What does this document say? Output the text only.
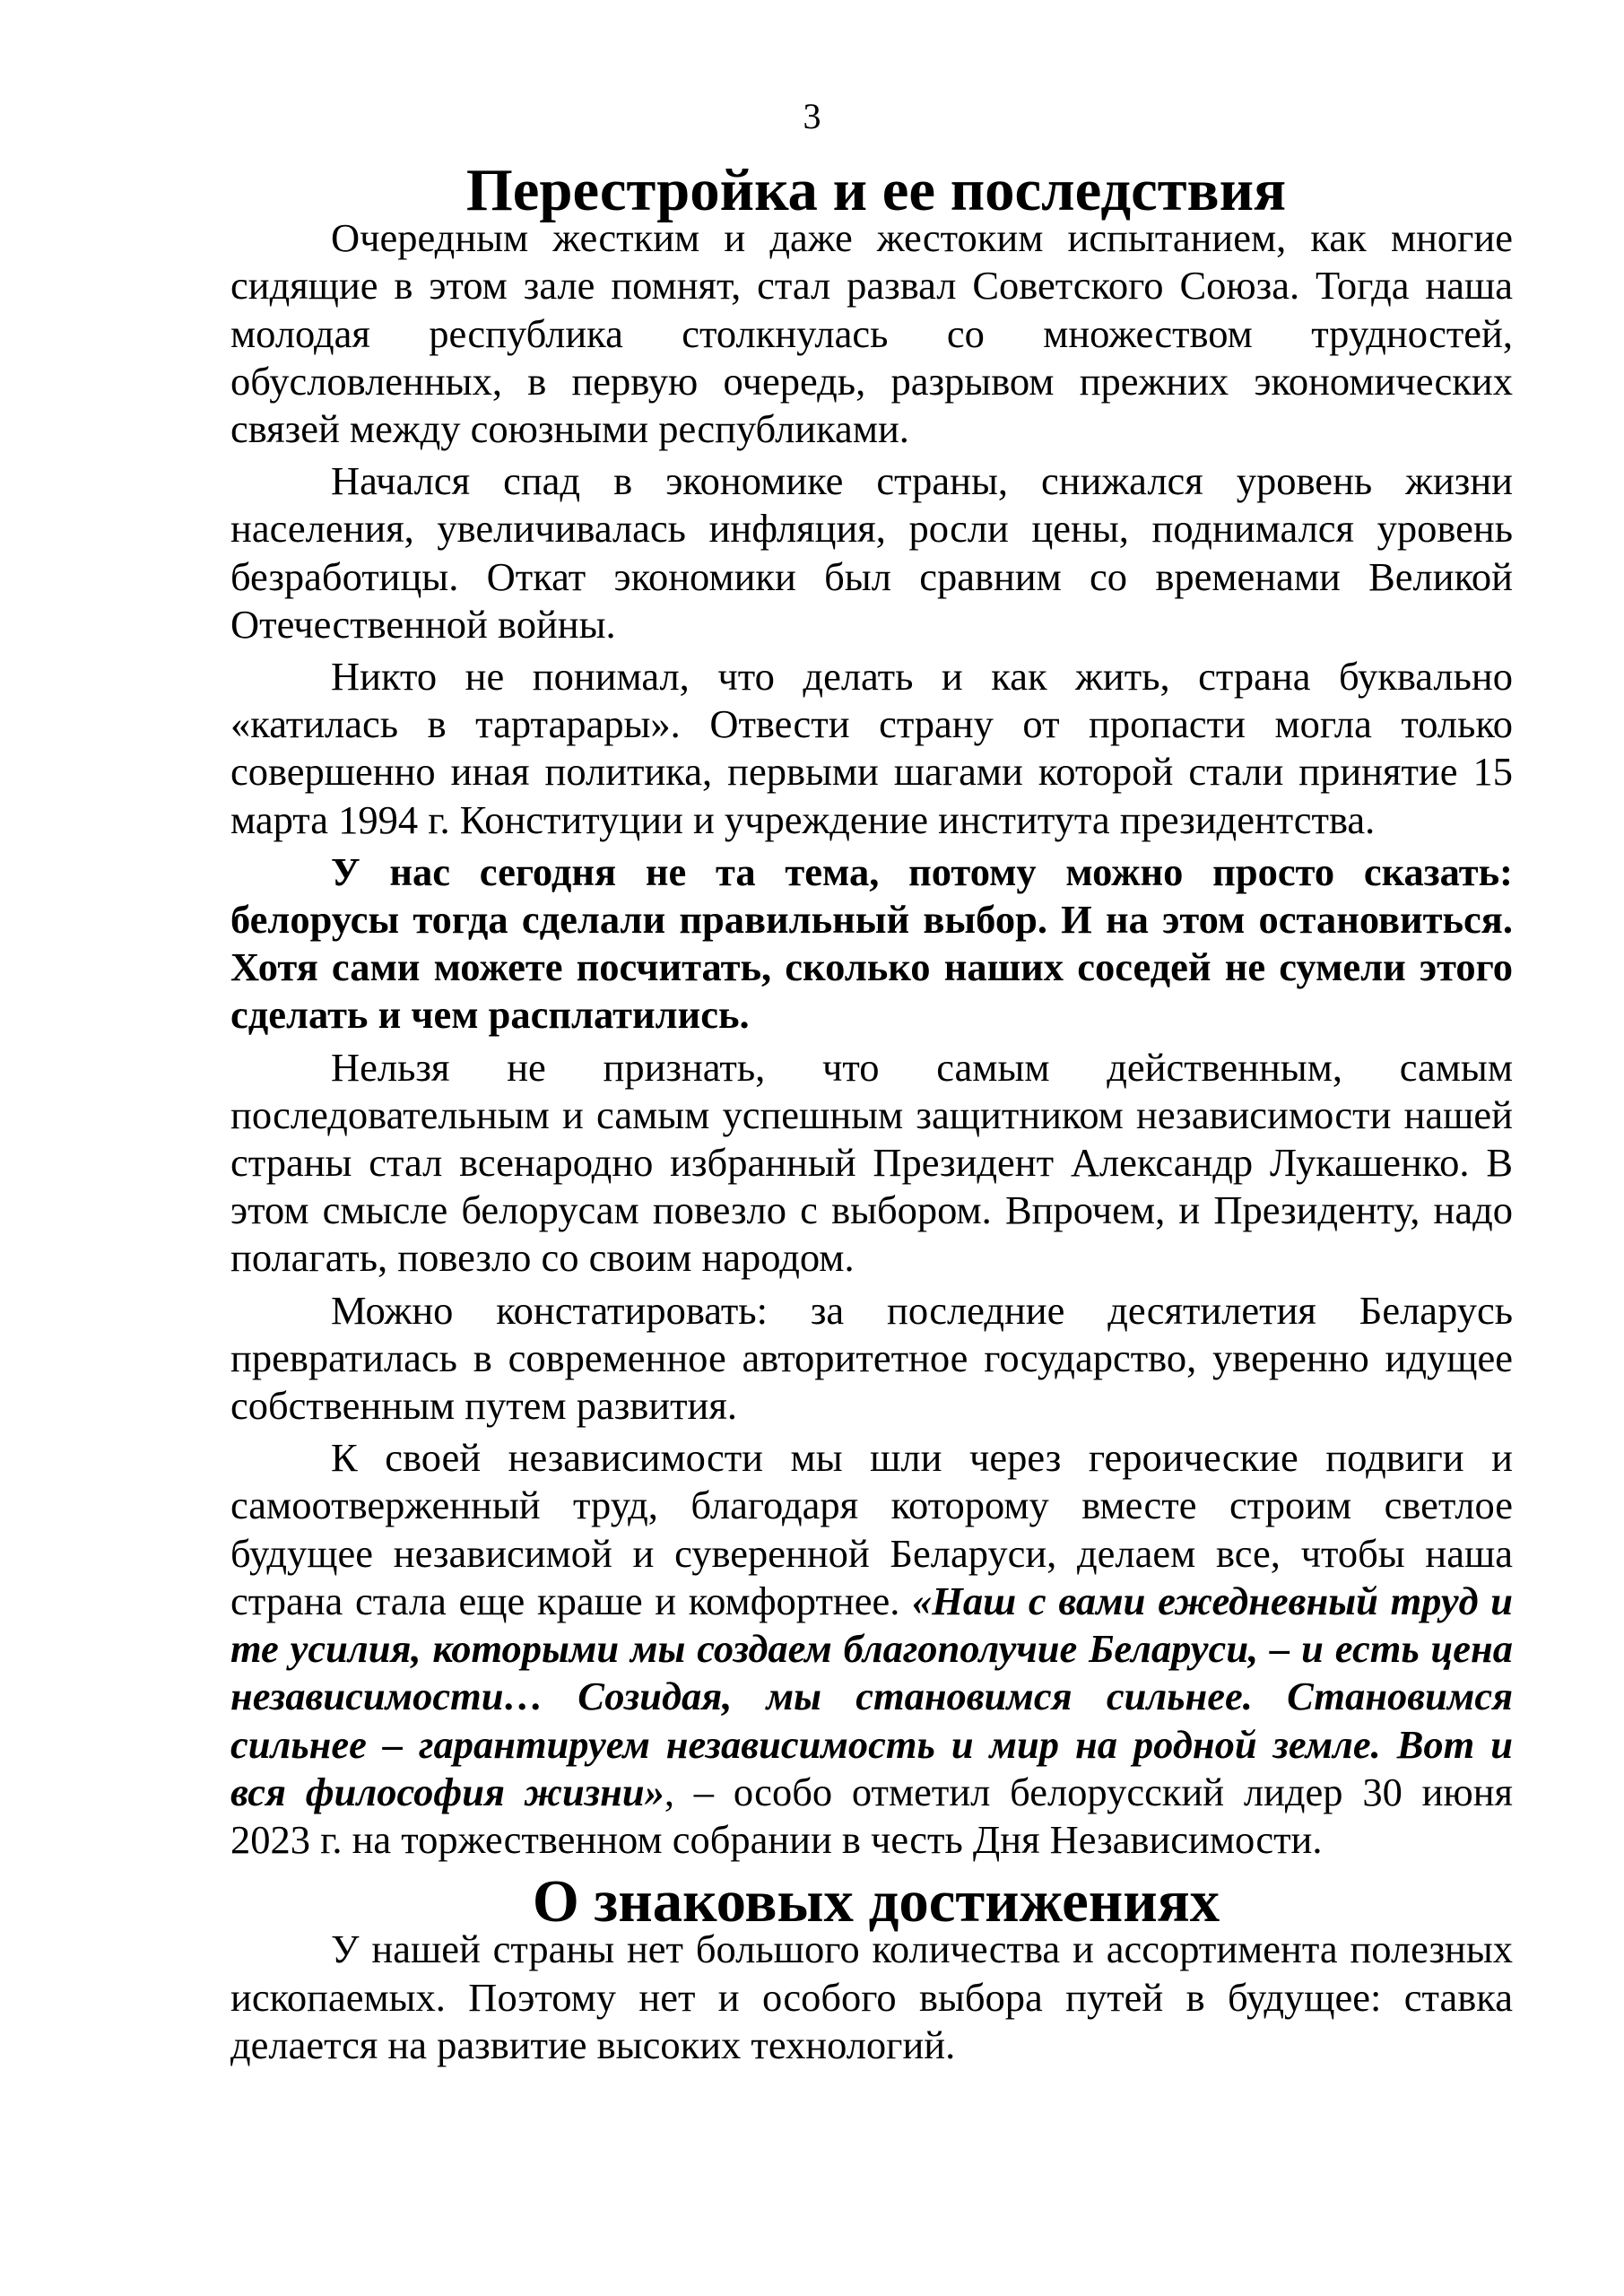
3
Перестройка и ее последствия

Очередным жестким и даже жестоким испытанием, как многие сидящие в этом зале помнят, стал развал Советского Союза. Тогда наша молодая республика столкнулась со множеством трудностей, обусловленных, в первую очередь, разрывом прежних экономических связей между союзными республиками.

Начался спад в экономике страны, снижался уровень жизни населения, увеличивалась инфляция, росли цены, поднимался уровень безработицы. Откат экономики был сравним со временами Великой Отечественной войны.

Никто не понимал, что делать и как жить, страна буквально «катилась в тартарары». Отвести страну от пропасти могла только совершенно иная политика, первыми шагами которой стали принятие 15 марта 1994 г. Конституции и учреждение института президентства.

У нас сегодня не та тема, потому можно просто сказать: белорусы тогда сделали правильный выбор. И на этом остановиться. Хотя сами можете посчитать, сколько наших соседей не сумели этого сделать и чем расплатились.

Нельзя не признать, что самым действенным, самым последовательным и самым успешным защитником независимости нашей страны стал всенародно избранный Президент Александр Лукашенко. В этом смысле белорусам повезло с выбором. Впрочем, и Президенту, надо полагать, повезло со своим народом.

Можно констатировать: за последние десятилетия Беларусь превратилась в современное авторитетное государство, уверенно идущее собственным путем развития.

К своей независимости мы шли через героические подвиги и самоотверженный труд, благодаря которому вместе строим светлое будущее независимой и суверенной Беларуси, делаем все, чтобы наша страна стала еще краше и комфортнее. «Наш с вами ежедневный труд и те усилия, которыми мы создаем благополучие Беларуси, – и есть цена независимости… Созидая, мы становимся сильнее. Становимся сильнее – гарантируем независимость и мир на родной земле. Вот и вся философия жизни», – особо отметил белорусский лидер 30 июня 2023 г. на торжественном собрании в честь Дня Независимости.

О знаковых достижениях

У нашей страны нет большого количества и ассортимента полезных ископаемых. Поэтому нет и особого выбора путей в будущее: ставка делается на развитие высоких технологий.
